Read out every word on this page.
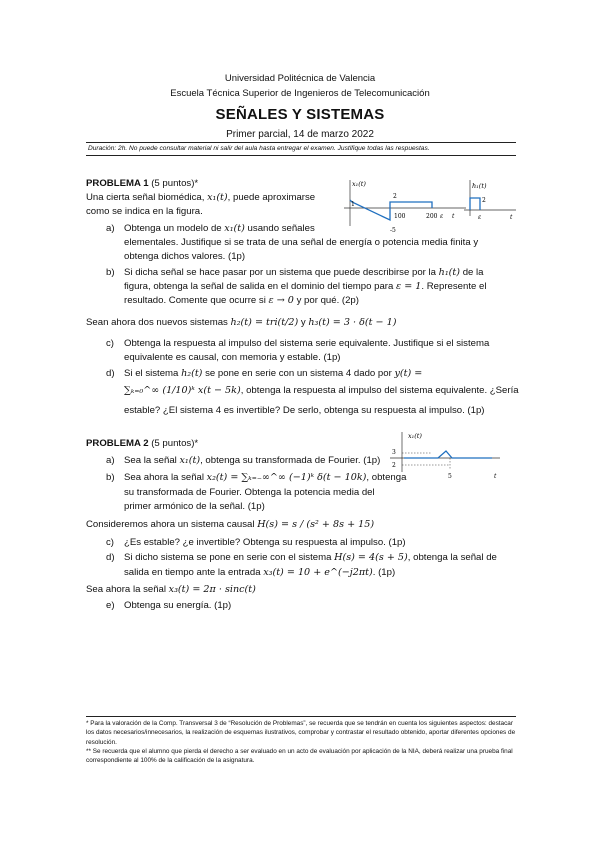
Universidad Politécnica de Valencia
Escuela Técnica Superior de Ingenieros de Telecomunicación
SEÑALES Y SISTEMAS
Primer parcial, 14 de marzo 2022
Duración: 2h. No puede consultar material ni salir del aula hasta entregar el examen. Justifique todas las respuestas.
PROBLEMA 1 (5 puntos)*
Una cierta señal biomédica, x₁(t), puede aproximarse
como se indica en la figura.
a) Obtenga un modelo de x₁(t) usando señales
elementales. Justifique si se trata de una señal de energía o potencia media finita y
obtenga dichos valores. (1p)
b) Si dicha señal se hace pasar por un sistema que puede describirse por la h₁(t) de la
figura, obtenga la señal de salida en el dominio del tiempo para ε = 1. Represente el
resultado. Comente que ocurre si ε → 0 y por qué. (2p)
Sean ahora dos nuevos sistemas h₂(t) = tri(t/2) y h₃(t) = 3 · δ(t − 1)
c) Obtenga la respuesta al impulso del sistema serie equivalente. Justifique si el sistema
equivalente es causal, con memoria y estable. (1p)
d) Si el sistema h₂(t) se pone en serie con un sistema 4 dado por y(t) =
∑ₖ₌₀^∞ (1/10)ᵏ x(t − 5k), obtenga la respuesta al impulso del sistema equivalente. ¿Sería
estable? ¿El sistema 4 es invertible? De serlo, obtenga su respuesta al impulso. (1p)
x₁(t)
1
100	200 t
2
-5
ε
h₁(t)
2
ε	t
PROBLEMA 2 (5 puntos)*
a) Sea la señal x₁(t), obtenga su transformada de Fourier. (1p)
b) Sea ahora la señal x₂(t) = ∑ₖ₌₋∞^∞ (−1)ᵏ δ(t − 10k), obtenga
su transformada de Fourier. Obtenga la potencia media del
primer armónico de la señal. (1p)
Consideremos ahora un sistema causal H(s) = s / (s² + 8s + 15)
c) ¿Es estable? ¿e invertible? Obtenga su respuesta al impulso. (1p)
d) Si dicho sistema se pone en serie con el sistema H(s) = 4(s + 5), obtenga la señal de
salida en tiempo ante la entrada x₃(t) = 10 + e^(−j2πt). (1p)
Sea ahora la señal x₃(t) = 2π · sinc(t)
e) Obtenga su energía. (1p)
x₁(t)
3
2
5	t
* Para la valoración de la Comp. Transversal 3 de “Resolución de Problemas”, se recuerda que se tendrán en cuenta los siguientes aspectos: destacar los datos necesarios/innecesarios, la realización de esquemas ilustrativos, comprobar y contrastar el resultado obtenido, aportar diferentes opciones de resolución.
** Se recuerda que el alumno que pierda el derecho a ser evaluado en un acto de evaluación por aplicación de la NIA, deberá realizar una prueba final correspondiente al 100% de la calificación de la asignatura.
